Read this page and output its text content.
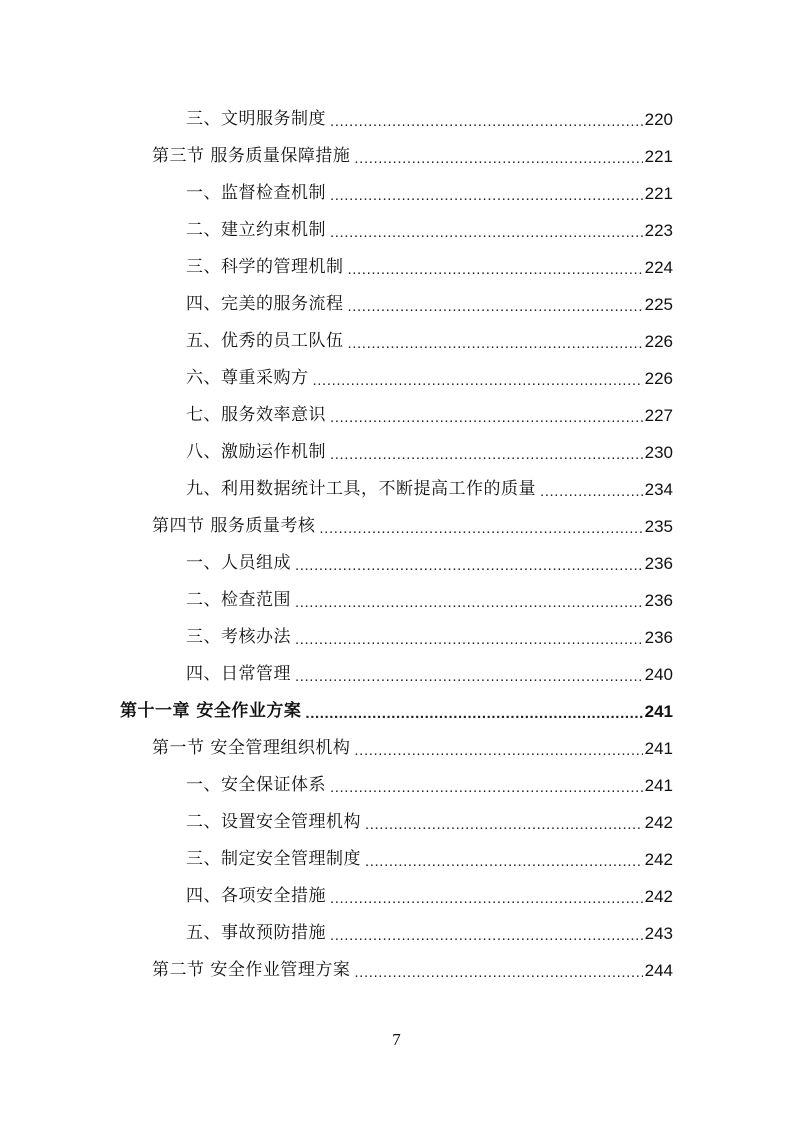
三、文明服务制度 .....	220
第三节 服务质量保障措施 .....	221
一、监督检查机制 .....	221
二、建立约束机制 .....	223
三、科学的管理机制 .....	224
四、完美的服务流程 .....	225
五、优秀的员工队伍 .....	226
六、尊重采购方 .....	226
七、服务效率意识 .....	227
八、激励运作机制 .....	230
九、利用数据统计工具，不断提高工作的质量 .....	234
第四节 服务质量考核 .....	235
一、人员组成 .....	236
二、检查范围 .....	236
三、考核办法 .....	236
四、日常管理 .....	240
第十一章 安全作业方案 .....	241
第一节 安全管理组织机构 .....	241
一、安全保证体系 .....	241
二、设置安全管理机构 .....	242
三、制定安全管理制度 .....	242
四、各项安全措施 .....	242
五、事故预防措施 .....	243
第二节 安全作业管理方案 .....	244
7
